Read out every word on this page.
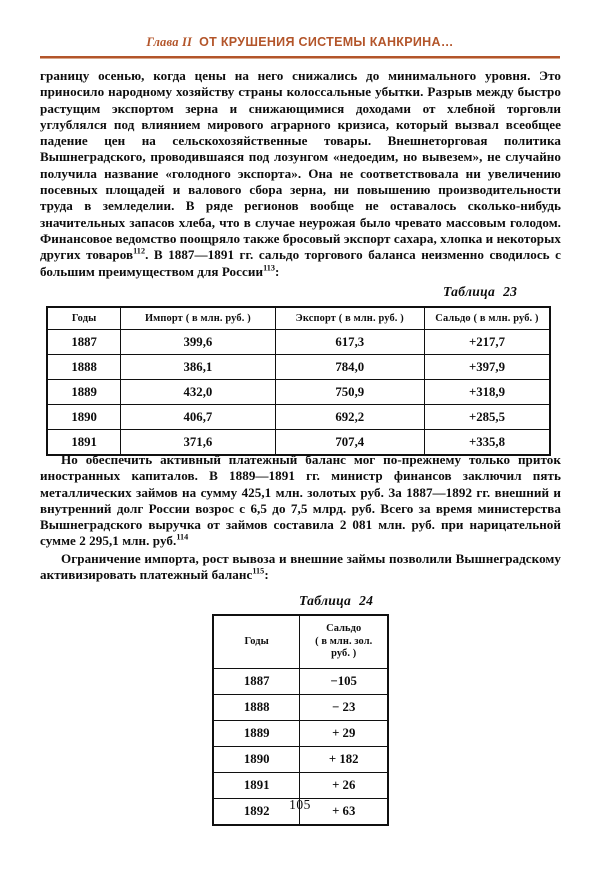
Глава II ОТ КРУШЕНИЯ СИСТЕМЫ КАНКРИНА…

границу осенью, когда цены на него снижались до минимального уровня. Это приносило народному хозяйству страны колоссальные убытки. Разрыв между быстро растущим экспортом зерна и снижающимися доходами от хлебной торговли углублялся под влиянием мирового аграрного кризиса, который вызвал всеобщее падение цен на сельскохозяйственные товары. Внешнеторговая политика Вышнеградского, проводившаяся под лозунгом «недоедим, но вывезем», не случайно получила название «голодного экспорта». Она не соответствовала ни увеличению посевных площадей и валового сбора зерна, ни повышению производительности труда в земледелии. В ряде регионов вообще не оставалось сколько-нибудь значительных запасов хлеба, что в случае неурожая было чревато массовым голодом. Финансовое ведомство поощряло также бросовый экспорт сахара, хлопка и некоторых других товаров$^{112}$. В 1887—1891 гг. сальдо торгового баланса неизменно сводилось с большим преимуществом для России$^{113}$:

Таблица 23
Годы	Импорт ( в млн. руб. )	Экспорт ( в млн. руб. )	Сальдо ( в млн. руб. )
1887	399,6	617,3	+217,7
1888	386,1	784,0	+397,9
1889	432,0	750,9	+318,9
1890	406,7	692,2	+285,5
1891	371,6	707,4	+335,8

Но обеспечить активный платежный баланс мог по-прежнему только приток иностранных капиталов. В 1889—1891 гг. министр финансов заключил пять металлических займов на сумму 425,1 млн. золотых руб. За 1887—1892 гг. внешний и внутренний долг России возрос с 6,5 до 7,5 млрд. руб. Всего за время министерства Вышнеградского выручка от займов составила 2 081 млн. руб. при нарицательной сумме 2 295,1 млн. руб.$^{114}$

Ограничение импорта, рост вывоза и внешние займы позволили Вышнеградскому активизировать платежный баланс$^{115}$:

Таблица 24
Годы	Сальдо
( в млн. зол.
руб. )
1887	−105
1888	− 23
1889	+ 29
1890	+ 182
1891	+ 26
1892	+ 63
105
